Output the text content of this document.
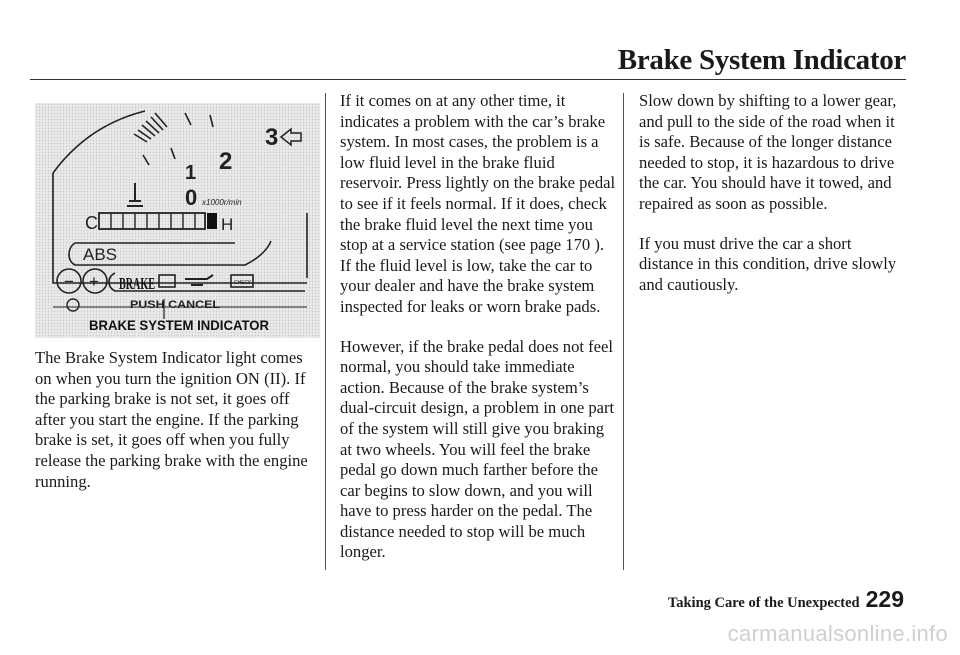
Brake System Indicator
2
3
1
0 x1000r/min
C	H
ABS
− + BRAKE	CHECK
PUSH CANCEL
BRAKE SYSTEM INDICATOR

The Brake System Indicator light comes on when you turn the ignition ON (II). If the parking brake is not set, it goes off after you start the engine. If the parking brake is set, it goes off when you fully release the parking brake with the engine running.

If it comes on at any other time, it indicates a problem with the car’s brake system. In most cases, the problem is a low fluid level in the brake fluid reservoir. Press lightly on the brake pedal to see if it feels normal. If it does, check the brake fluid level the next time you stop at a service station (see page 170 ). If the fluid level is low, take the car to your dealer and have the brake system inspected for leaks or worn brake pads.

However, if the brake pedal does not feel normal, you should take immediate action. Because of the brake system’s dual-circuit design, a problem in one part of the system will still give you braking at two wheels. You will feel the brake pedal go down much farther before the car begins to slow down, and you will have to press harder on the pedal. The distance needed to stop will be much longer.

Slow down by shifting to a lower gear, and pull to the side of the road when it is safe. Because of the longer distance needed to stop, it is hazardous to drive the car. You should have it towed, and repaired as soon as possible.

If you must drive the car a short distance in this condition, drive slowly and cautiously.

Taking Care of the Unexpected 229
carmanualsonline.info
